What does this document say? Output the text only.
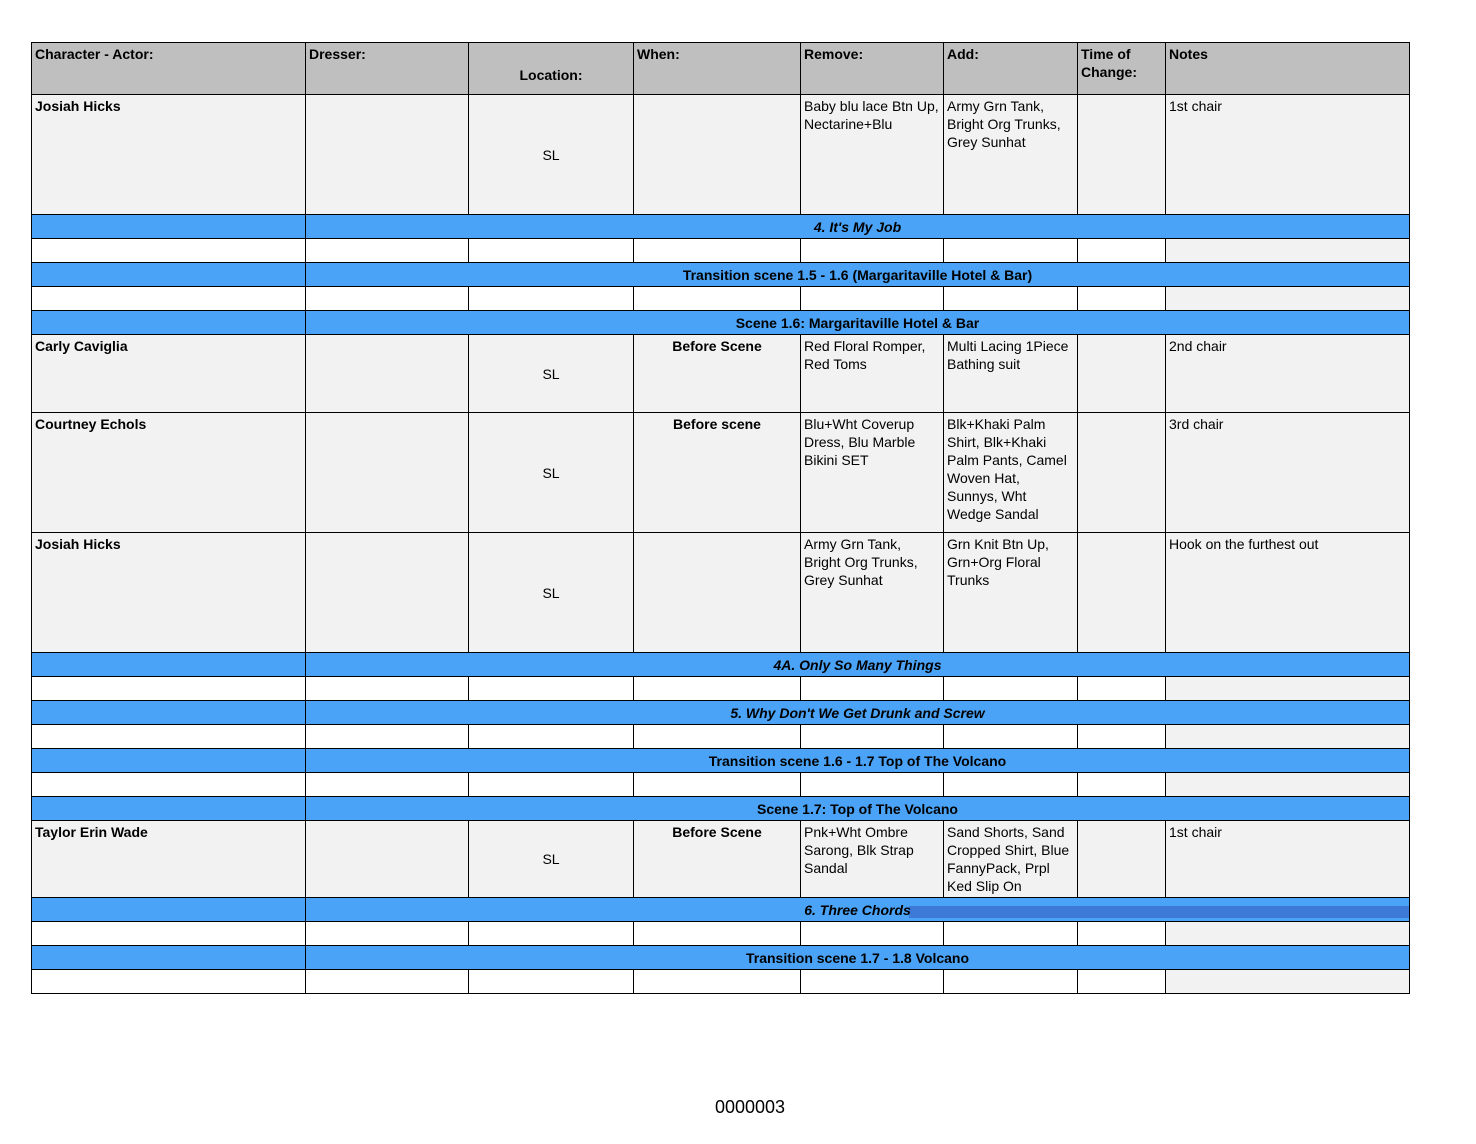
Character - Actor:	Dresser:	Location:	When:	Remove:	Add:	Time of Change:	Notes
Josiah Hicks		SL		Baby blu lace Btn Up, Nectarine+Blu	Army Grn Tank, Bright Org Trunks, Grey Sunhat		1st chair
	4. It's My Job						

	Transition scene 1.5 - 1.6 (Margaritaville Hotel & Bar)						

	Scene 1.6: Margaritaville Hotel & Bar						
Carly Caviglia		SL	Before Scene	Red Floral Romper, Red Toms	Multi Lacing 1Piece Bathing suit		2nd chair
Courtney Echols		SL	Before scene	Blu+Wht Coverup Dress, Blu Marble Bikini SET	Blk+Khaki Palm Shirt, Blk+Khaki Palm Pants, Camel Woven Hat, Sunnys, Wht Wedge Sandal		3rd chair
Josiah Hicks		SL		Army Grn Tank, Bright Org Trunks, Grey Sunhat	Grn Knit Btn Up, Grn+Org Floral Trunks		Hook on the furthest out
	4A. Only So Many Things						

	5. Why Don't We Get Drunk and Screw						

	Transition scene 1.6 - 1.7 Top of The Volcano						

	Scene 1.7: Top of The Volcano						
Taylor Erin Wade		SL	Before Scene	Pnk+Wht Ombre Sarong, Blk Strap Sandal	Sand Shorts, Sand Cropped Shirt, Blue FannyPack, Prpl Ked Slip On		1st chair

6. Three Chords						

	Transition scene 1.7 - 1.8 Volcano						

0000003
